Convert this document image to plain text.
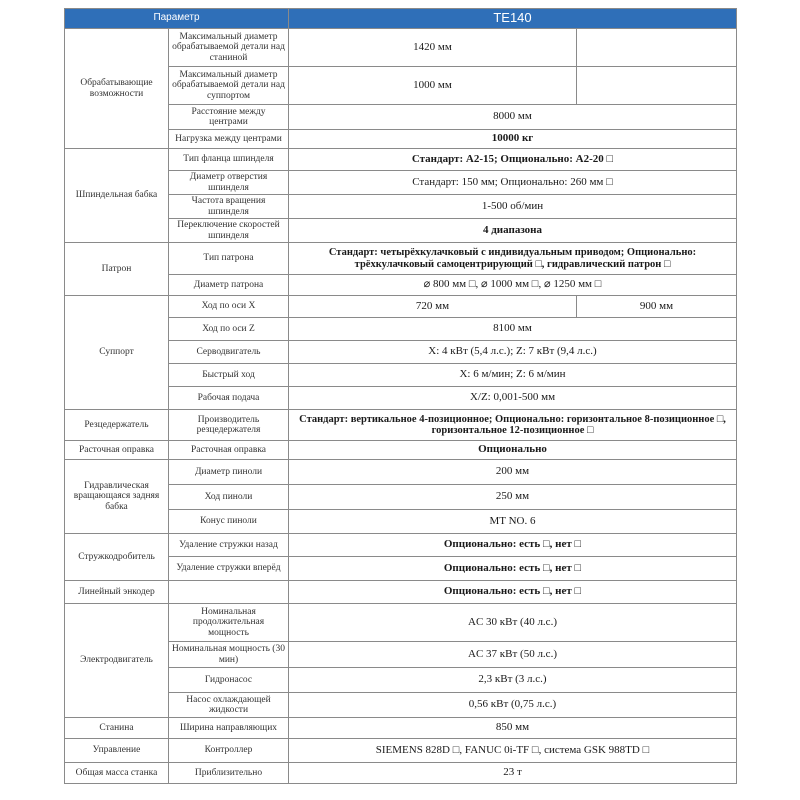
Параметр		TE140	
Обрабатывающие возможности	Максимальный диаметр обрабатываемой детали над станиной	1420 мм	
	Максимальный диаметр обрабатываемой детали над суппортом	1000 мм	
	Расстояние между центрами	8000 мм	
	Нагрузка между центрами	10000 кг	
Шпиндельная бабка	Тип фланца шпинделя	Стандарт: A2-15; Опционально: A2-20 □	
	Диаметр отверстия шпинделя	Стандарт: 150 мм; Опционально: 260 мм □	
	Частота вращения шпинделя	1-500 об/мин	
	Переключение скоростей шпинделя	4 диапазона	
Патрон	Тип патрона	Стандарт: четырёхкулачковый с индивидуальным приводом; Опционально: трёхкулачковый самоцентрирующий □, гидравлический патрон □	
	Диаметр патрона	⌀ 800 мм □, ⌀ 1000 мм □, ⌀ 1250 мм □	
Суппорт	Ход по оси X	720 мм	900 мм
	Ход по оси Z	8100 мм	
	Серводвигатель	X: 4 кВт (5,4 л.с.); Z: 7 кВт (9,4 л.с.)	
	Быстрый ход	X: 6 м/мин; Z: 6 м/мин	
	Рабочая подача	X/Z: 0,001-500 мм	
Резцедержатель	Производитель резцедержателя	Стандарт: вертикальное 4-позиционное; Опционально: горизонтальное 8-позиционное □, горизонтальное 12-позиционное □	
Расточная оправка	Расточная оправка	Опционально	
Гидравлическая вращающаяся задняя бабка	Диаметр пиноли	200 мм	
	Ход пиноли	250 мм	
	Конус пиноли	MT NO. 6	
Стружкодробитель	Удаление стружки назад	Опционально: есть □, нет □	
	Удаление стружки вперёд	Опционально: есть □, нет □	
Линейный энкодер		Опционально: есть □, нет □	
Электродвигатель	Номинальная продолжительная мощность	AC 30 кВт (40 л.с.)	
	Номинальная мощность (30 мин)	AC 37 кВт (50 л.с.)	
	Гидронасос	2,3 кВт (3 л.с.)	
	Насос охлаждающей жидкости	0,56 кВт (0,75 л.с.)	
Станина	Ширина направляющих	850 мм	
Управление	Контроллер	SIEMENS 828D □, FANUC 0i-TF □, система GSK 988TD □	
Общая масса станка	Приблизительно	23 т	
